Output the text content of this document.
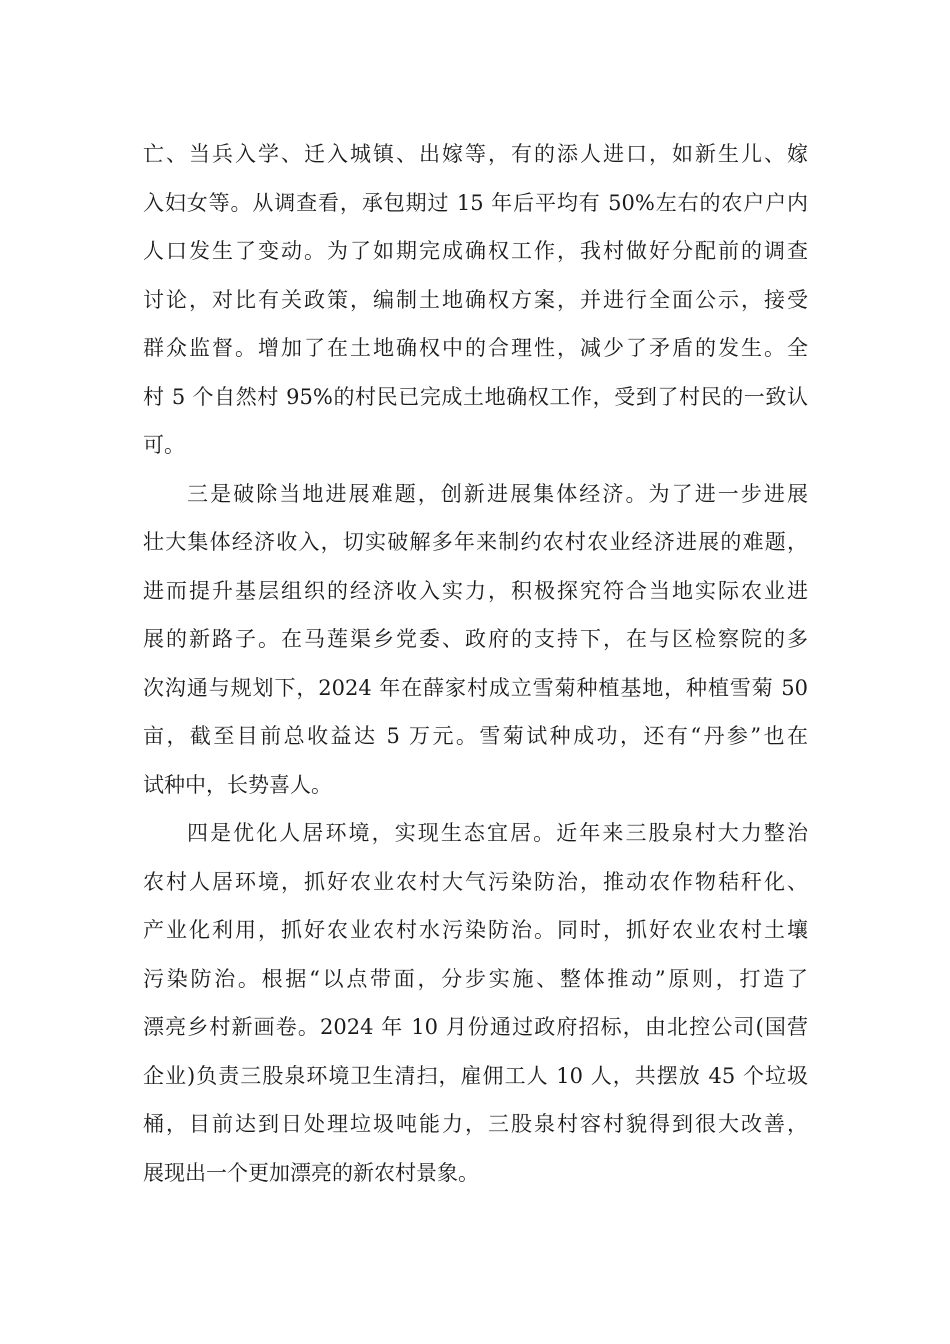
亡、当兵入学、迁入城镇、出嫁等，有的添人进口，如新生儿、嫁
入妇女等。从调查看，承包期过 15 年后平均有 50%左右的农户户内
人口发生了变动。为了如期完成确权工作，我村做好分配前的调查
讨论，对比有关政策，编制土地确权方案，并进行全面公示，接受
群众监督。增加了在土地确权中的合理性，减少了矛盾的发生。全
村 5 个自然村 95%的村民已完成土地确权工作，受到了村民的一致认
可。
三是破除当地进展难题，创新进展集体经济。为了进一步进展
壮大集体经济收入，切实破解多年来制约农村农业经济进展的难题，
进而提升基层组织的经济收入实力，积极探究符合当地实际农业进
展的新路子。在马莲渠乡党委、政府的支持下，在与区检察院的多
次沟通与规划下，2024 年在薛家村成立雪菊种植基地，种植雪菊 50
亩，截至目前总收益达 5 万元。雪菊试种成功，还有“丹参”也在
试种中，长势喜人。
四是优化人居环境，实现生态宜居。近年来三股泉村大力整治
农村人居环境，抓好农业农村大气污染防治，推动农作物秸秆化、
产业化利用，抓好农业农村水污染防治。同时，抓好农业农村土壤
污染防治。根据“以点带面，分步实施、整体推动”原则，打造了
漂亮乡村新画卷。2024 年 10 月份通过政府招标，由北控公司(国营
企业)负责三股泉环境卫生清扫，雇佣工人 10 人，共摆放 45 个垃圾
桶，目前达到日处理垃圾吨能力，三股泉村容村貌得到很大改善，
展现出一个更加漂亮的新农村景象。
